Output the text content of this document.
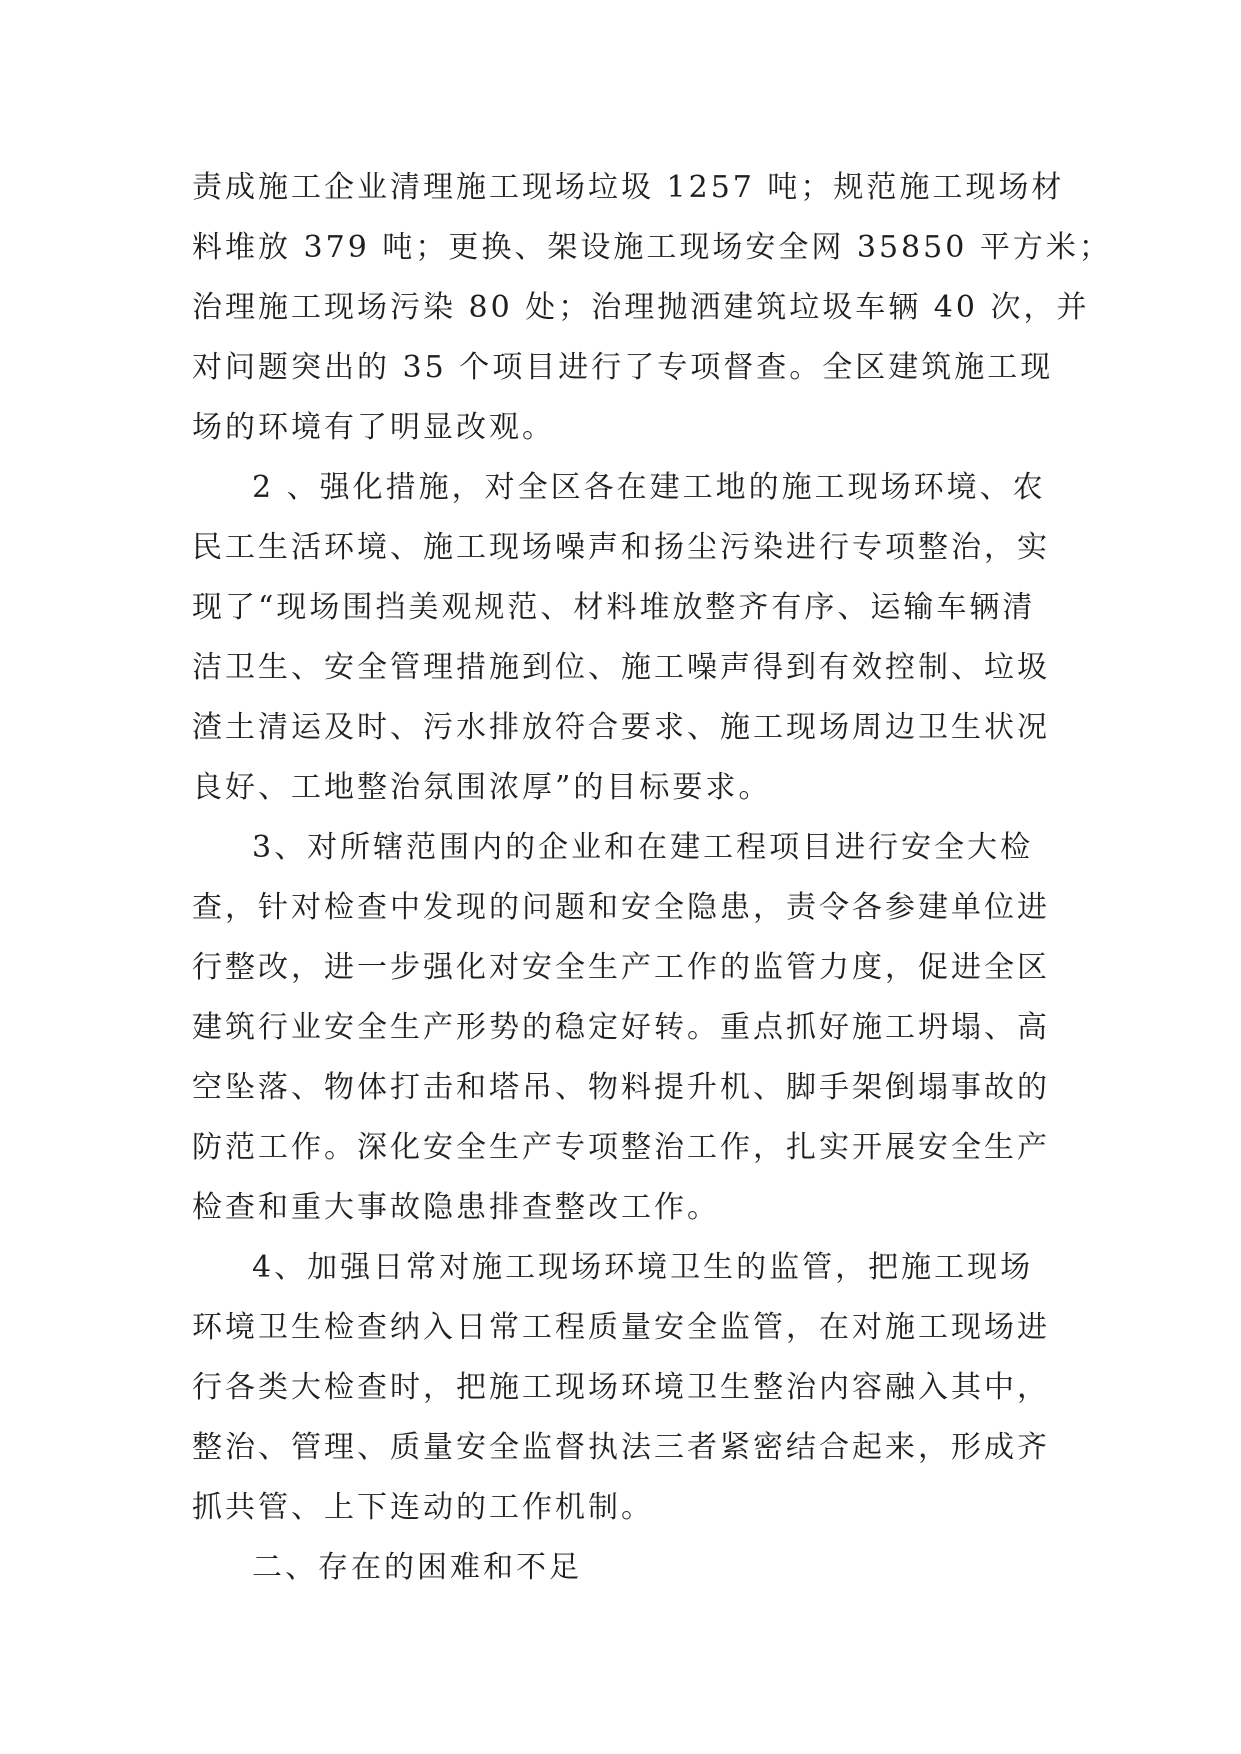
责成施工企业清理施工现场垃圾 1257 吨；规范施工现场材
料堆放 379 吨；更换、架设施工现场安全网 35850 平方米；
治理施工现场污染 80 处；治理抛洒建筑垃圾车辆 40 次，并
对问题突出的 35 个项目进行了专项督查。全区建筑施工现
场的环境有了明显改观。
2 、强化措施，对全区各在建工地的施工现场环境、农
民工生活环境、施工现场噪声和扬尘污染进行专项整治，实
现了“现场围挡美观规范、材料堆放整齐有序、运输车辆清
洁卫生、安全管理措施到位、施工噪声得到有效控制、垃圾
渣土清运及时、污水排放符合要求、施工现场周边卫生状况
良好、工地整治氛围浓厚”的目标要求。
3、对所辖范围内的企业和在建工程项目进行安全大检
查，针对检查中发现的问题和安全隐患，责令各参建单位进
行整改，进一步强化对安全生产工作的监管力度，促进全区
建筑行业安全生产形势的稳定好转。重点抓好施工坍塌、高
空坠落、物体打击和塔吊、物料提升机、脚手架倒塌事故的
防范工作。深化安全生产专项整治工作，扎实开展安全生产
检查和重大事故隐患排查整改工作。
4、加强日常对施工现场环境卫生的监管，把施工现场
环境卫生检查纳入日常工程质量安全监管，在对施工现场进
行各类大检查时，把施工现场环境卫生整治内容融入其中，
整治、管理、质量安全监督执法三者紧密结合起来，形成齐
抓共管、上下连动的工作机制。
二、存在的困难和不足
